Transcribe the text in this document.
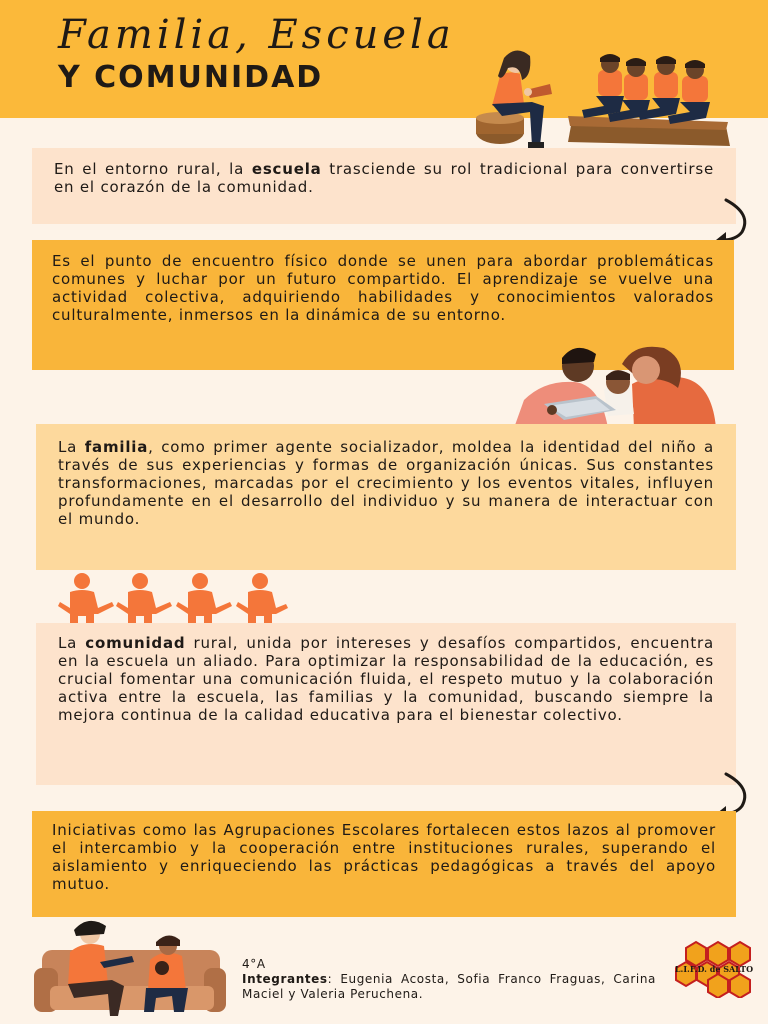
Familia, Escuela
Y COMUNIDAD

En el entorno rural, la escuela trasciende su rol tradicional para convertirse en el corazón de la comunidad.

Es el punto de encuentro físico donde se unen para abordar problemáticas comunes y luchar por un futuro compartido. El aprendizaje se vuelve una actividad colectiva, adquiriendo habilidades y conocimientos valorados culturalmente, inmersos en la dinámica de su entorno.

La familia, como primer agente socializador, moldea la identidad del niño a través de sus experiencias y formas de organización únicas. Sus constantes transformaciones, marcadas por el crecimiento y los eventos vitales, influyen profundamente en el desarrollo del individuo y su manera de interactuar con el mundo.

La comunidad rural, unida por intereses y desafíos compartidos, encuentra en la escuela un aliado. Para optimizar la responsabilidad de la educación, es crucial fomentar una comunicación fluida, el respeto mutuo y la colaboración activa entre la escuela, las familias y la comunidad, buscando siempre la mejora continua de la calidad educativa para el bienestar colectivo.

Iniciativas como las Agrupaciones Escolares fortalecen estos lazos al promover el intercambio y la cooperación entre instituciones rurales, superando el aislamiento y enriqueciendo las prácticas pedagógicas a través del apoyo mutuo.

4°A

Integrantes: Eugenia Acosta, Sofia Franco Fraguas, Carina Maciel y Valeria Peruchena.

L.I.F.D. de SALTO
